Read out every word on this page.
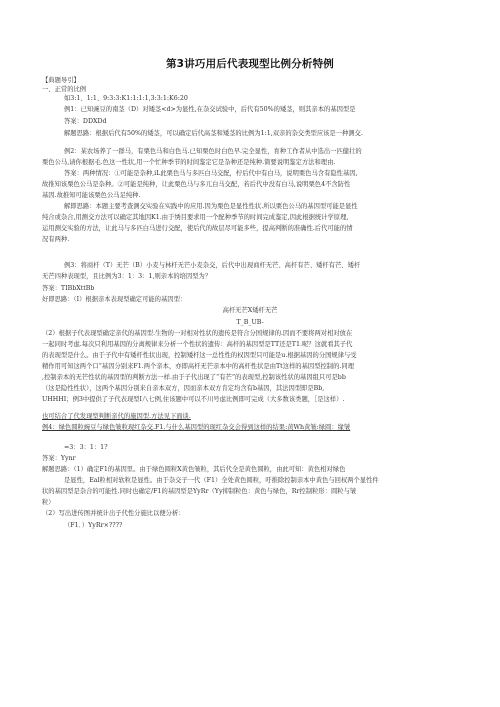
第3讲巧用后代表现型比例分析特例
【典题导引】
一、正常的比例
如3:1、1:1、9:3:3:K1:1:1:1,3:3:1:K6:20
例1：已知豌豆的南茎（D）对矮茎<d>为显性,在杂交试验中，后代有50%的矮茎，则其亲本的基因型是
答案：DDXDd
解题思路：根据后代有50%的矮茎，可以确定后代高茎和矮茎的比例为1:1,双亲的杂交类型应该是一种测交.
例2：某农场养了一群马，有栗色马和白色马.已知栗色时白色早.完全显性，育种工作者从中选出一匹健壮的
栗色公马,请你根据毛.色这一性状,用一个忙种季节的时间鉴定它是杂种还是纯种.简要说明鉴定方法和理由.
答案：两种情况：①可能是杂种,iL此栗色马与多匹白马交配，柠后代中有白马，说明栗色马含有隐性基因,
故推知该栗色公马是杂种。②可能是纯种，让此栗色马与多兀白马交配，若后代中没有白马,说明栗色4不含防性
基因.故推知可能该栗色公马足纯种.
解即思路：本题主要考查测交实验在实践中的应用.因为栗色是显性性状.所以栗色公马的基因型可能是显性
纯合或杂合,用测交方法可以确定其地因K1.由于绣目要求用一个配种季节的时间完成鉴定,因此根据统计学原理,
运用测交实验的方法，让此马与多匹白马进行交配，使后代的故层尽可能多些，提高判断的准确性.后代可能的情
况有两种.
例3：将商杆（T）无芒（B）小麦与林杆无芒小麦杂交，后代中出现商杆无芒、高杆有芒、矮杆有芒、矮杆
无芒四种表现型，且比例为3：1：3：1,则亲本的培因型为？
答案：TIBbXttBb
好即思路：（I）根据亲本表现型确定可能的基因型：
高杆无芒X矮杆无芒
T_B_UB-
（2）根据子代表现型确定亲代的基因型.生物的一对相对性状的遗传是符合分国规律的.因而不要将两对相对放在
一起同时考虑.每次只利用基因的分离规律来分析一个性状的遗传：高杆的基因型是TT还是T1.呢？这就看其子代
的表现型是什么。由于子代中有矮杆性状出现，控制矮杆这一总性性的权因型只可能是u.根据基因的分国规律与受
精作用可知这两个口“基因分别来F1.两个亲本，亦即高杆无芒亲本中的高杆性状是由Tt这样的基因型控制的.同理
,控制亲本的无芒性状的基因型的判断方法一样.由于子代出现了“有芒”的表现型,控制该性状的基因组只可是bb
（这是隐性性状），这两个基因分别来自亲本双方，因而亲本双方肯定均含有b基因，其法因型即是Bb,
UHHHI；例3中提供了子代表现型I八七例,住该题中可以不川号虑比例即可完成（大多数该类题，［是这样）.
也可结合了代发现型判断亲代的施因型.方法见下面谈.
例4：绿色圆粒豌豆与绿色皱粒现红杂交.F1.与什么基因型的现红杂交会得到这样的结果:黄Wh黄皱:绿圆：缘皱
=3：3：1：1?
答案：Yynr
解题思路：（1）确定F1的基因里。由于绿色圆粒X黄色皱粒，其后代全是黄色圆粒，由此可知：黄色相对绿色
是显性，Eal粒相对软粒是显性。由于杂交子一代（F1）全处黄色圆粒，吁推除控制亲本中黄色与回权两个显性件
状的基因型是杂合的可能性.同时也确定/F1的基因型是YyRr（Yy抑制粒色：黄色与绿色，Rr控制粒形：圆粒与皱
粒）
（2）写出进传图并统计出子代性分施比以便分析：
（F1．）YyRr×????
